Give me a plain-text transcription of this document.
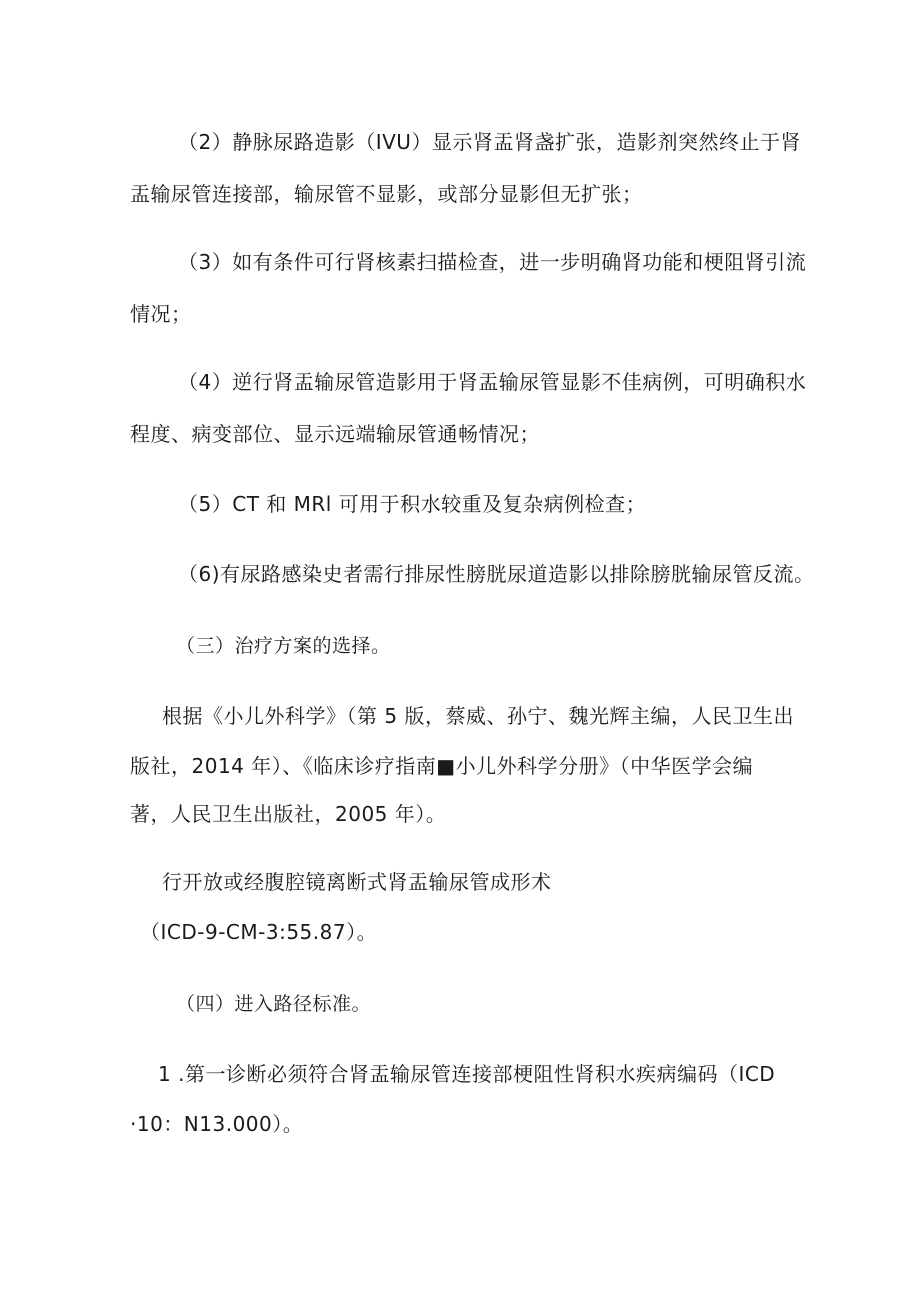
（2）静脉尿路造影（IVU）显示肾盂肾盏扩张，造影剂突然终止于肾
盂输尿管连接部，输尿管不显影，或部分显影但无扩张；
（3）如有条件可行肾核素扫描检查，进一步明确肾功能和梗阻肾引流
情况；
（4）逆行肾盂输尿管造影用于肾盂输尿管显影不佳病例，可明确积水
程度、病变部位、显示远端输尿管通畅情况；
（5）CT 和 MRl 可用于积水较重及复杂病例检查；
（6)有尿路感染史者需行排尿性膀胱尿道造影以排除膀胱输尿管反流。
（三）治疗方案的选择。
根据《小儿外科学》（第 5 版，蔡威、孙宁、魏光辉主编，人民卫生出
版社，2014 年）、《临床诊疗指南■小儿外科学分册》（中华医学会编
著，人民卫生出版社，2005 年）。
行开放或经腹腔镜离断式肾盂输尿管成形术
（ICD-9-CM-3:55.87）。
（四）进入路径标准。
1 .第一诊断必须符合肾盂输尿管连接部梗阻性肾积水疾病编码（ICD
·10：N13.000）。
